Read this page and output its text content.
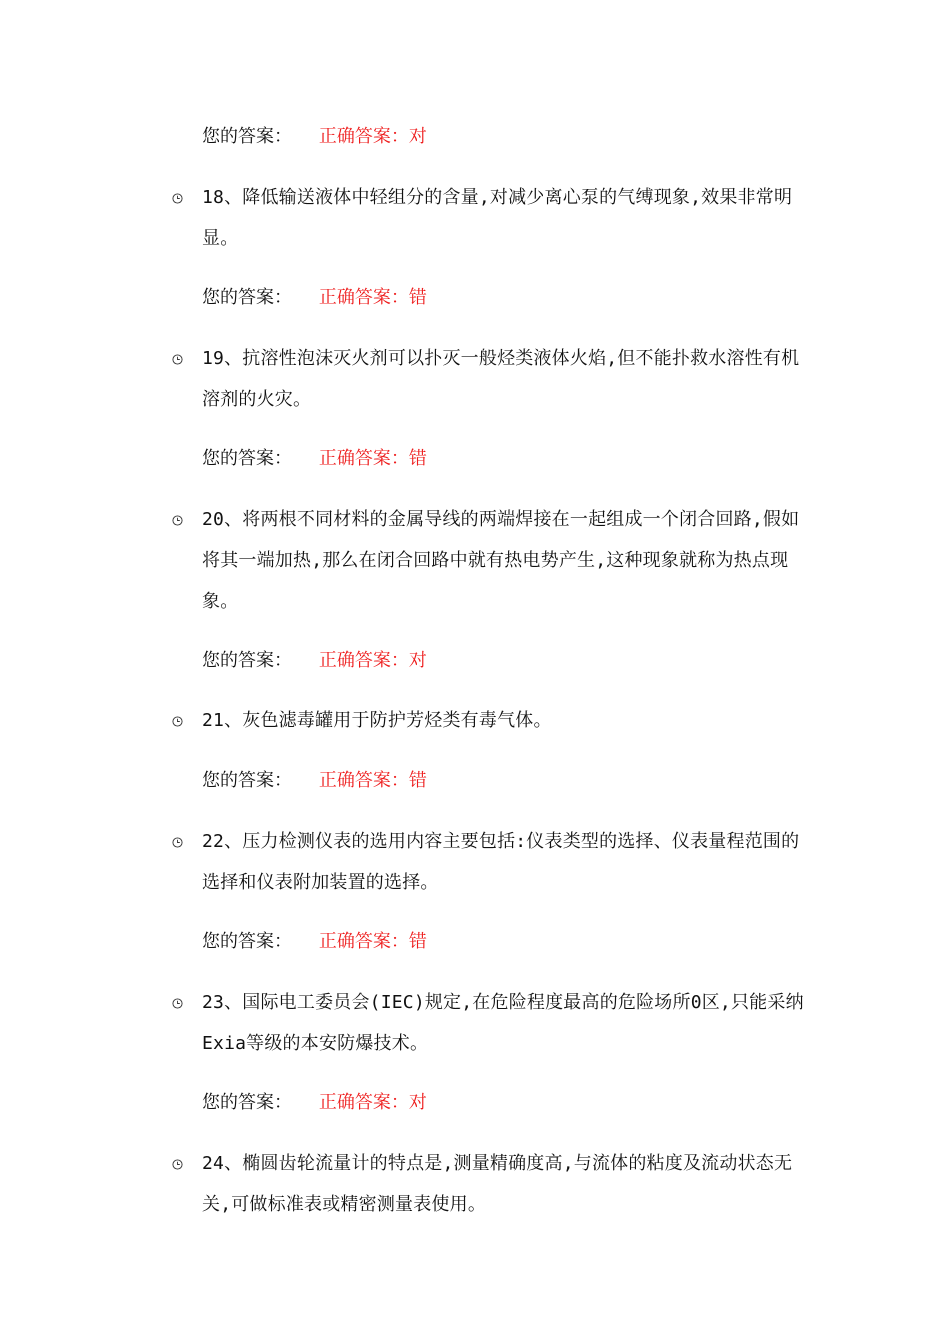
您的答案： 正确答案：对
18、降低输送液体中轻组分的含量,对减少离心泵的气缚现象,效果非常明显。
您的答案： 正确答案：错
19、抗溶性泡沫灭火剂可以扑灭一般烃类液体火焰,但不能扑救水溶性有机溶剂的火灾。
您的答案： 正确答案：错
20、将两根不同材料的金属导线的两端焊接在一起组成一个闭合回路,假如将其一端加热,那么在闭合回路中就有热电势产生,这种现象就称为热点现象。
您的答案： 正确答案：对
21、灰色滤毒罐用于防护芳烃类有毒气体。
您的答案： 正确答案：错
22、压力检测仪表的选用内容主要包括:仪表类型的选择、仪表量程范围的选择和仪表附加装置的选择。
您的答案： 正确答案：错
23、国际电工委员会(IEC)规定,在危险程度最高的危险场所0区,只能采纳Exia等级的本安防爆技术。
您的答案： 正确答案：对
24、椭圆齿轮流量计的特点是,测量精确度高,与流体的粘度及流动状态无关,可做标准表或精密测量表使用。
